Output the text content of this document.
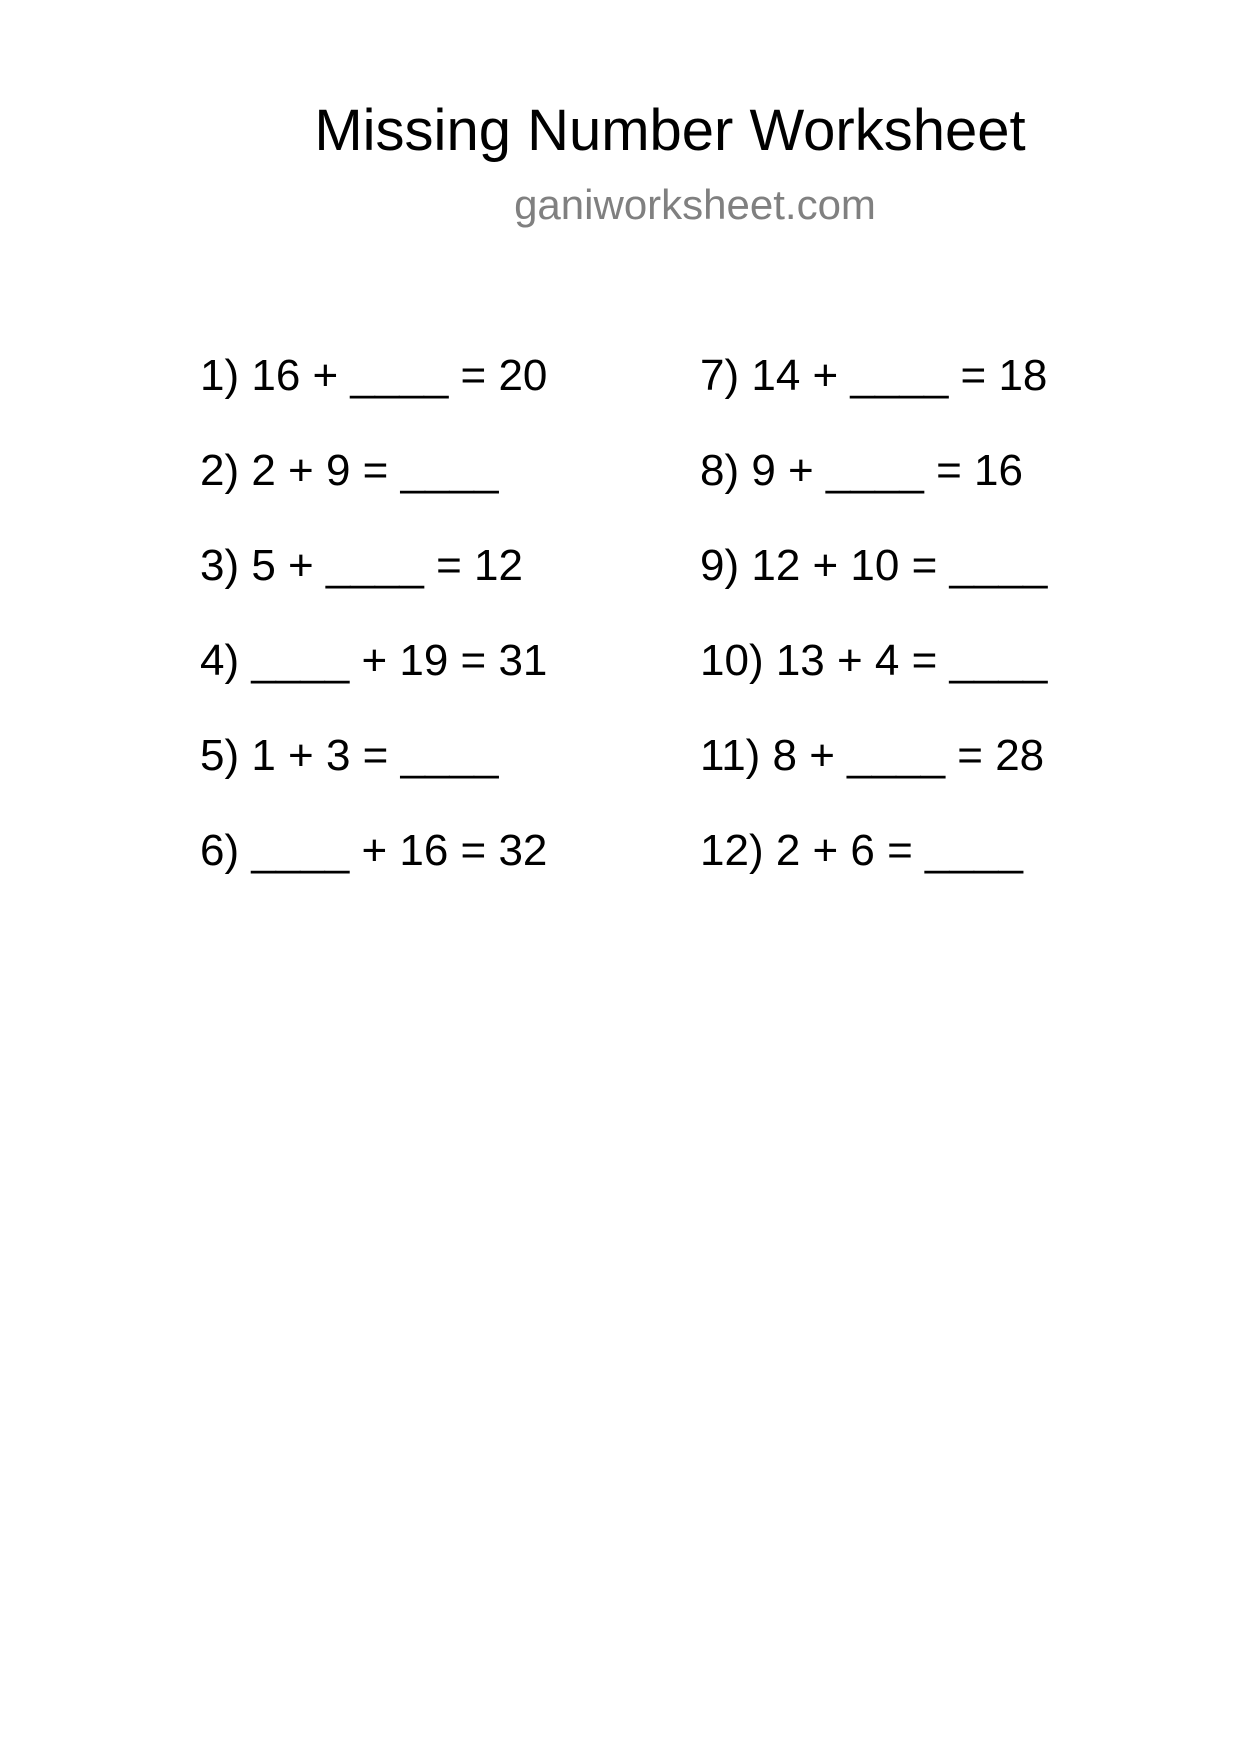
Missing Number Worksheet
ganiworksheet.com
1) 16 + ____ = 20
2) 2 + 9 = ____
3) 5 + ____ = 12
4) ____ + 19 = 31
5) 1 + 3 = ____
6) ____ + 16 = 32
7) 14 + ____ = 18
8) 9 + ____ = 16
9) 12 + 10 = ____
10) 13 + 4 = ____
11) 8 + ____ = 28
12) 2 + 6 = ____
